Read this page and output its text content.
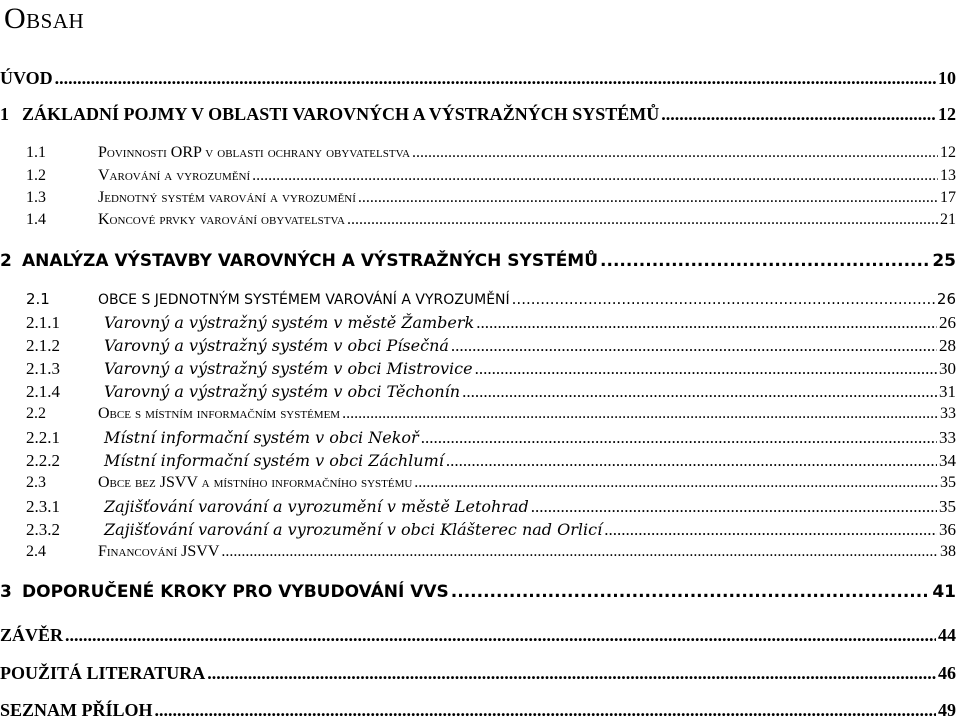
Obsah
ÚVOD .....	10
1 ZÁKLADNÍ POJMY V OBLASTI VAROVNÝCH A VÝSTRAŽNÝCH SYSTÉMŮ .....	12
1.1	Povinnosti ORP v oblasti ochrany obyvatelstva .....	12
1.2	Varování a vyrozumění .....	13
1.3	Jednotný systém varování a vyrozumění .....	17
1.4	Koncové prvky varování obyvatelstva .....	21
2 ANALÝZA VÝSTAVBY VAROVNÝCH A VÝSTRAŽNÝCH SYSTÉMŮ .....	25
2.1	OBCE S JEDNOTNÝM SYSTÉMEM VAROVÁNÍ A VYROZUMĚNÍ .....	26
2.1.1	Varovný a výstražný systém v městě Žamberk .....	26
2.1.2	Varovný a výstražný systém v obci Písečná .....	28
2.1.3	Varovný a výstražný systém v obci Mistrovice .....	30
2.1.4	Varovný a výstražný systém v obci Těchonín .....	31
2.2	Obce s místním informačním systémem .....	33
2.2.1	Místní informační systém v obci Nekoř .....	33
2.2.2	Místní informační systém v obci Záchlumí .....	34
2.3	Obce bez JSVV a místního informačního systému .....	35
2.3.1	Zajišťování varování a vyrozumění v městě Letohrad .....	35
2.3.2	Zajišťování varování a vyrozumění v obci Klášterec nad Orlicí .....	36
2.4	Financování JSVV .....	38
3 DOPORUČENÉ KROKY PRO VYBUDOVÁNÍ VVS .....	41
ZÁVĚR .....	44
POUŽITÁ LITERATURA .....	46
SEZNAM PŘÍLOH .....	49
